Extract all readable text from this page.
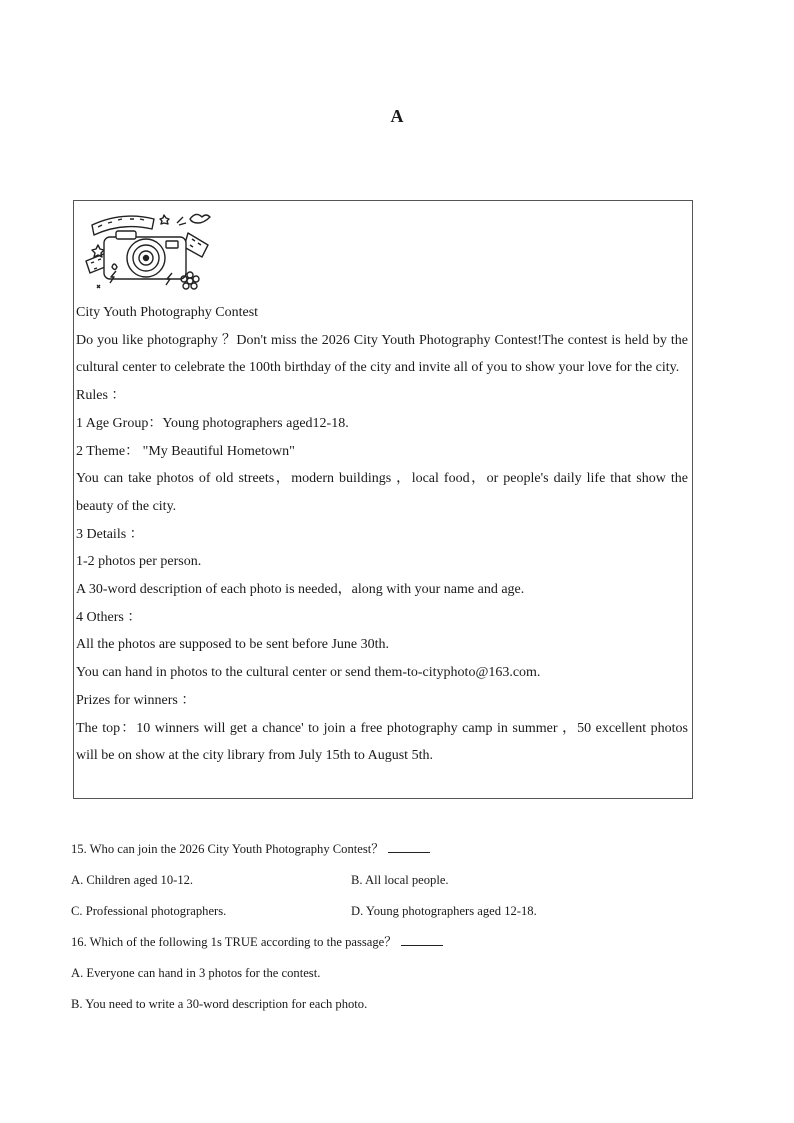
A

City Youth Photography Contest

Do you like photography ？Don't miss the 2026 City Youth Photography Contest!The contest is held by the cultural center to celebrate the 100th birthday of the city and invite all of you to show your love for the city.

Rules ：

1 Age Group：Young photographers aged12-18.

2 Theme： "My Beautiful Hometown"

You can take photos of old streets，modern buildings ，local food，or people's daily life that show the beauty of the city.

3 Details ：

1-2 photos per person.

A 30-word description of each photo is needed，along with your name and age.

4 Others ：

All the photos are supposed to be sent before June 30th.

You can hand in photos to the cultural center or send them-to-cityphoto@163.com.

Prizes for winners ：

The top：10 winners will get a chance' to join a free photography camp in summer ，50 excellent photos will be on show at the city library from July 15th to August 5th.

15. Who can join the 2026 City Youth Photography Contest？

A. Children aged 10-12.	B. All local people.
C. Professional photographers.	D. Young photographers aged 12-18.

16. Which of the following 1s TRUE according to the passage？

A. Everyone can hand in 3 photos for the contest.
B. You need to write a 30-word description for each photo.
